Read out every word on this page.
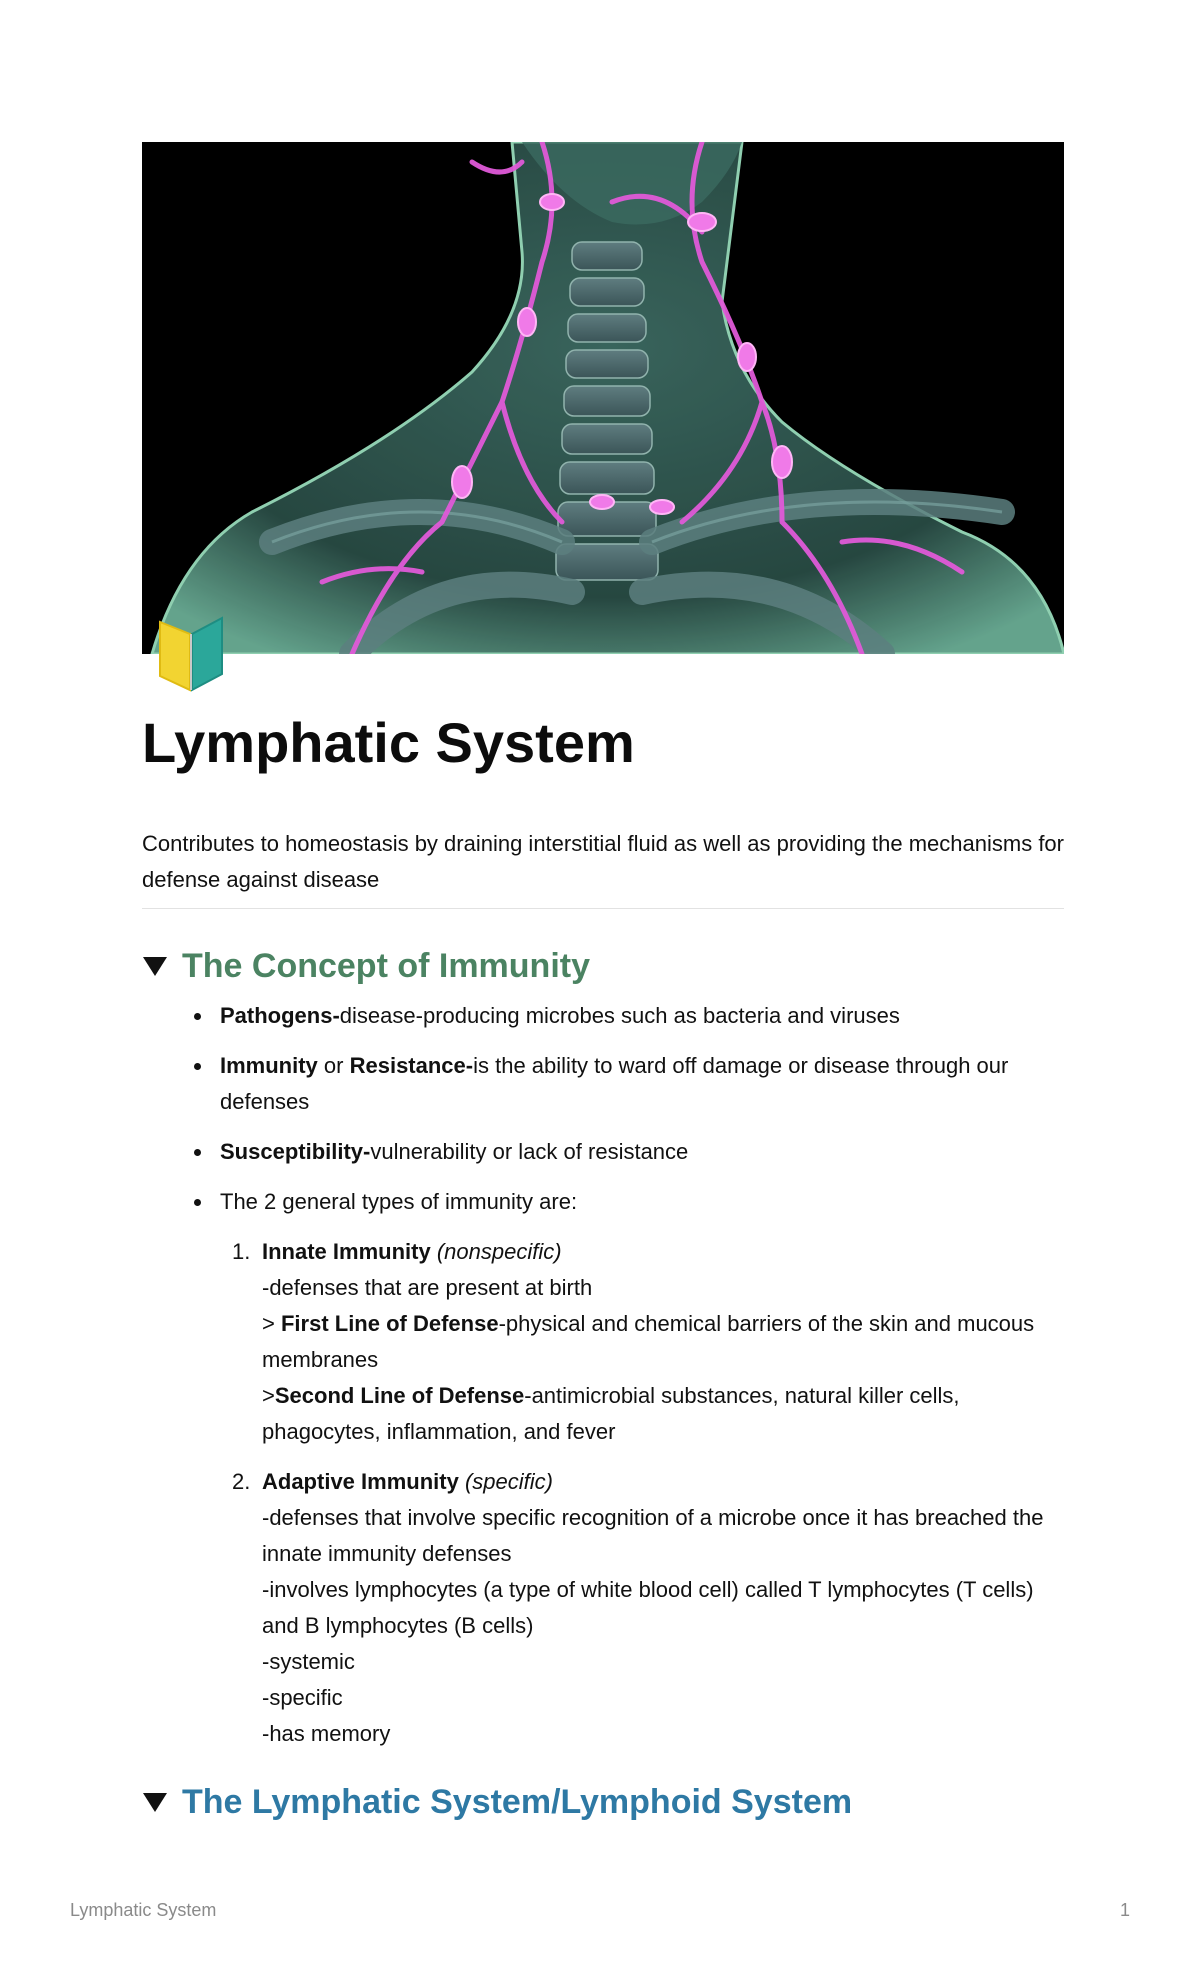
Lymphatic System
Contributes to homeostasis by draining interstitial fluid as well as providing the mechanisms for defense against disease
The Concept of Immunity
Pathogens-disease-producing microbes such as bacteria and viruses
Immunity or Resistance-is the ability to ward off damage or disease through our defenses
Susceptibility-vulnerability or lack of resistance
The 2 general types of immunity are:
1. Innate Immunity (nonspecific)
-defenses that are present at birth
> First Line of Defense-physical and chemical barriers of the skin and mucous membranes
>Second Line of Defense-antimicrobial substances, natural killer cells, phagocytes, inflammation, and fever
2. Adaptive Immunity (specific)
-defenses that involve specific recognition of a microbe once it has breached the innate immunity defenses
-involves lymphocytes (a type of white blood cell) called T lymphocytes (T cells) and B lymphocytes (B cells)
-systemic
-specific
-has memory
The Lymphatic System/Lymphoid System
Lymphatic System	1
